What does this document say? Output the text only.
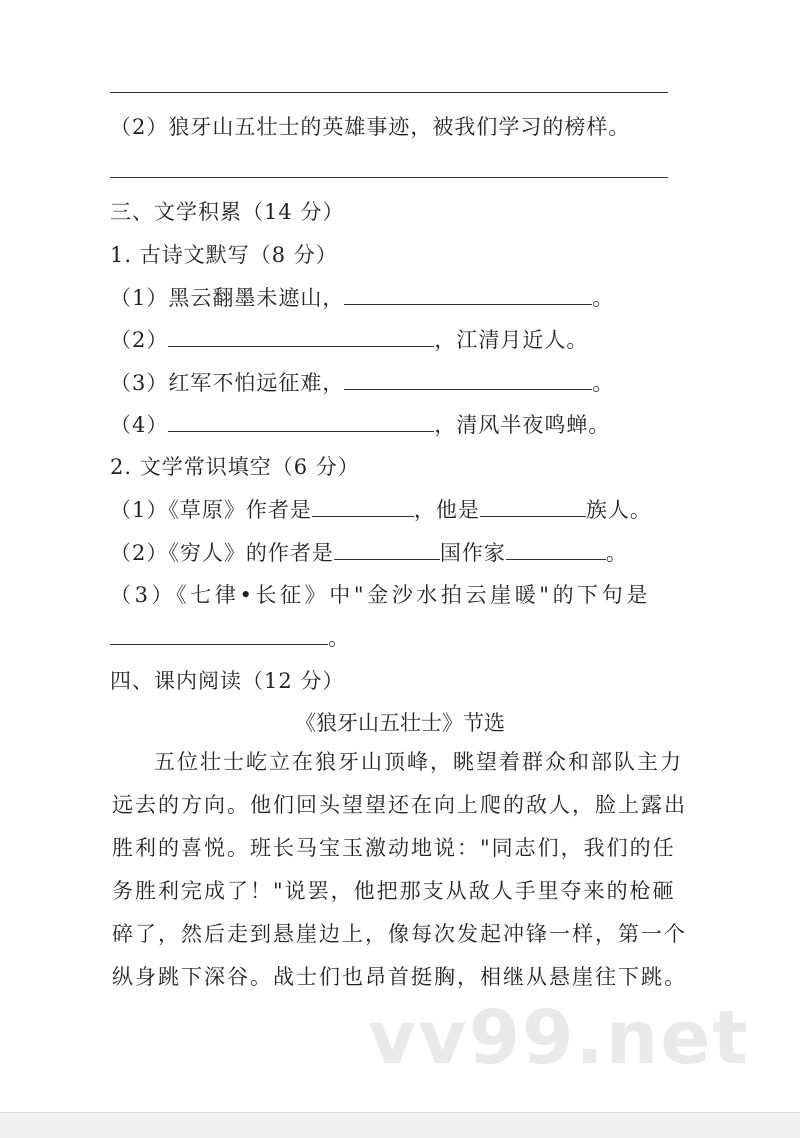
（2）狼牙山五壮士的英雄事迹，被我们学习的榜样。
三、文学积累（14 分）
1. 古诗文默写（8 分）
（1）黑云翻墨未遮山，	。
（2）	，江清月近人。
（3）红军不怕远征难，	。
（4）	，清风半夜鸣蝉。
2. 文学常识填空（6 分）
（1）《草原》作者是	，他是	族人。
（2）《穷人》的作者是	国作家	。
（3）《七律•长征》中"金沙水拍云崖暖"的下句是
。
四、课内阅读（12 分）
《狼牙山五壮士》节选

五位壮士屹立在狼牙山顶峰，眺望着群众和部队主力远去的方向。他们回头望望还在向上爬的敌人，脸上露出胜利的喜悦。班长马宝玉激动地说："同志们，我们的任务胜利完成了！"说罢，他把那支从敌人手里夺来的枪砸碎了，然后走到悬崖边上，像每次发起冲锋一样，第一个纵身跳下深谷。战士们也昂首挺胸，相继从悬崖往下跳。

vv99.net
